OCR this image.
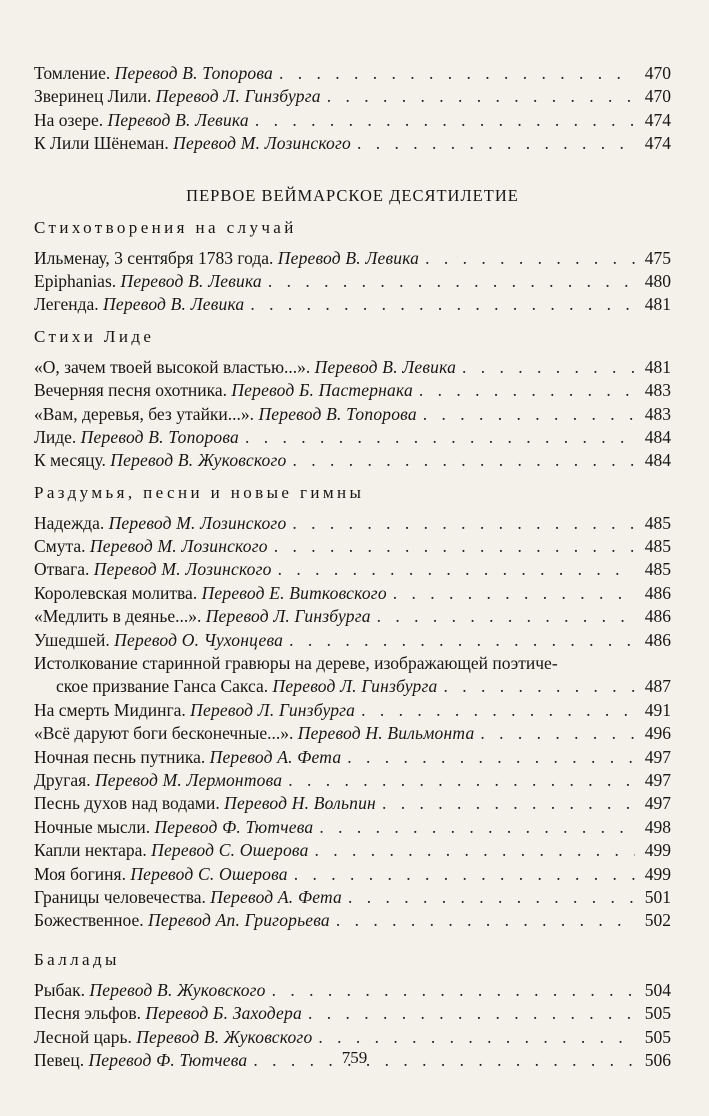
Томление. Перевод В. Топорова . . .	470
Зверинец Лили. Перевод Л. Гинзбурга . . .	470
На озере. Перевод В. Левика . . .	474
К Лили Шёнеман. Перевод М. Лозинского . . .	474
ПЕРВОЕ ВЕЙМАРСКОЕ ДЕСЯТИЛЕТИЕ
Стихотворения на случай
Ильменау, 3 сентября 1783 года. Перевод В. Левика . . .	475
Epiphanias. Перевод В. Левика . . .	480
Легенда. Перевод В. Левика . . .	481
Стихи Лиде
«О, зачем твоей высокой властью...». Перевод В. Левика . . .	481
Вечерняя песня охотника. Перевод Б. Пастернака . . .	483
«Вам, деревья, без утайки...». Перевод В. Топорова . . .	483
Лиде. Перевод В. Топорова . . .	484
К месяцу. Перевод В. Жуковского . . .	484
Раздумья, песни и новые гимны
Надежда. Перевод М. Лозинского . . .	485
Смута. Перевод М. Лозинского . . .	485
Отвага. Перевод М. Лозинского . . .	485
Королевская молитва. Перевод Е. Витковского . . .	486
«Медлить в деянье...». Перевод Л. Гинзбурга . . .	486
Ушедшей. Перевод О. Чухонцева . . .	486
Истолкование старинной гравюры на дереве, изображающей поэтиче-
ское призвание Ганса Сакса. Перевод Л. Гинзбурга . . .	487
На смерть Мидинга. Перевод Л. Гинзбурга . . .	491
«Всё даруют боги бесконечные...». Перевод Н. Вильмонта . . .	496
Ночная песнь путника. Перевод А. Фета . . .	497
Другая. Перевод М. Лермонтова . . .	497
Песнь духов над водами. Перевод Н. Вольпин . . .	497
Ночные мысли. Перевод Ф. Тютчева . . .	498
Капли нектара. Перевод С. Ошерова . . .	499
Моя богиня. Перевод С. Ошерова . . .	499
Границы человечества. Перевод А. Фета . . .	501
Божественное. Перевод Ап. Григорьева . . .	502
Баллады
Рыбак. Перевод В. Жуковского . . .	504
Песня эльфов. Перевод Б. Заходера . . .	505
Лесной царь. Перевод В. Жуковского . . .	505
Певец. Перевод Ф. Тютчева . . .	506
759
